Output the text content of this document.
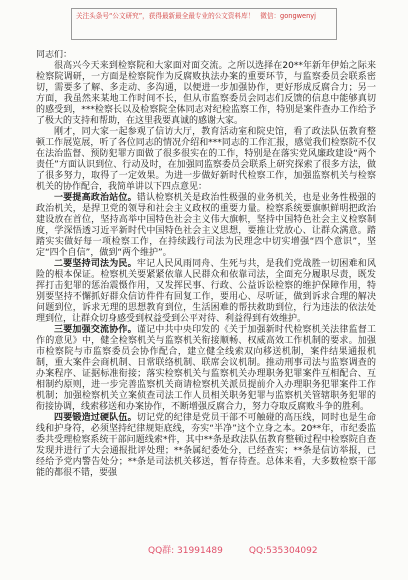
关注头条号“公文研究”，获得最新最全最专业的公文资料库！ 微信：gongwenyj

同志们：

很高兴今天来到检察院和大家面对面交流。之所以选择在20**年新年伊始之际来检察院调研，一方面是检察院作为反腐败执法办案的重要环节，与监察委员会联系密切，需要多了解、多走动、多沟通，以便进一步加强协作，更好形成反腐合力；另一方面，我虽然来某地工作时间不长，但从市监察委员会同志们反馈的信息中能够真切的感受到，***检察长以及检察院全体同志对纪检监察工作，特别是案件查办工作给予了极大的支持和帮助，在这里我要真诚的感谢大家。

刚才，同大家一起参观了信访大厅，教育活动室和院史馆，看了政法队伍教育整顿工作展览展，听了各位同志的情况介绍和***同志的工作汇报，感觉我们检察院不仅在法治监督、预防犯罪方面做了很多很实在的工作，特别是在落实党风廉政建设“两个责任”方面认识到位、行动及时，在加强同监察委员会联系上研究探索了很多方法，做了很多努力，取得了一定效果。为进一步做好新时代检察工作，加强监察机关与检察机关的协作配合，我简单讲以下四点意见：

一要提高政治站位。错认检察机关是政治性极强的业务机关，也是业务性极强的政治机关，是捍卫党的领导和社会主义政权的重要力量。检察系统要旗帜鲜明把政治建设放在首位，坚持高举中国特色社会主义伟大旗帜，坚持中国特色社会主义检察制度，学深悟透习近平新时代中国特色社会主义思想，要推让党放心、让群众满意。踏踏实实做好每一项检察工作，在持续践行司法为民理念中切实增强“四个意识”，坚定“四个自信”，做到“两个维护”。

二要坚持司法为民。牢记人民风雨同舟、生死与共，是我们党战胜一切困难和风险的根本保证。检察机关要紧紧依靠人民群众和依靠司法，全面充分履职尽责，既发挥打击犯罪的惩治震慑作用，又发挥民事、行政、公益诉讼检察的维护保障作用，特别要坚持不懈抓好群众信访件件有回复工作，要用心、尽听证，做到诉求合理的解决问题到位，诉求无理的思想教育到位，生活困难的帮扶救助到位，行为违法的依法处理到位，让群众切身感受到权益受到公平对待、利益得到有效维护。

三要加强交流协作。谨记中共中央印发的《关于加强新时代检察机关法律监督工作的意见》中，健全检察机关与监察机关衔接顺畅、权威高效工作机制的要求。加强市检察院与市监察委员会协作配合，建立健全线索双向移送机制，案件结果通报机制，重大案件会商机制、日常联络机制、联席会议机制。推动刑事司法与监察调查的办案程序、证据标准衔接；落实检察机关与监察机关办理职务犯罪案件互相配合、互相制约原则，进一步完善监察机关商请检察机关派员提前介入办理职务犯罪案件工作机制；加强检察机关立案侦查司法工作人员相关职务犯罪与监察机关管辖职务犯罪的衔接协调，线索移送和办案协作，不断增强反腐合力，努力夺取反腐败斗争的胜利。

四要锻造过硬队伍。切记党的纪律是党员干部不可触碰的高压线，同时也是生命线和护身符，必须坚持纪律规矩底线，夯实“半净”这个立身之本。20**年，市纪委监委共受理检察系统干部问题线索*件，其中**条是政法队伍教育整顿过程中检察院自查发现并进行了大会通报批评处理；**条属纪委处分，已经查实；**条是信访举报，已经给予党内警告处分；**条是司法机关移送，暂存待查。总体来看，大多数检察干部能的都很不错，要强

QQ群: 31991489	QQ:535304092
